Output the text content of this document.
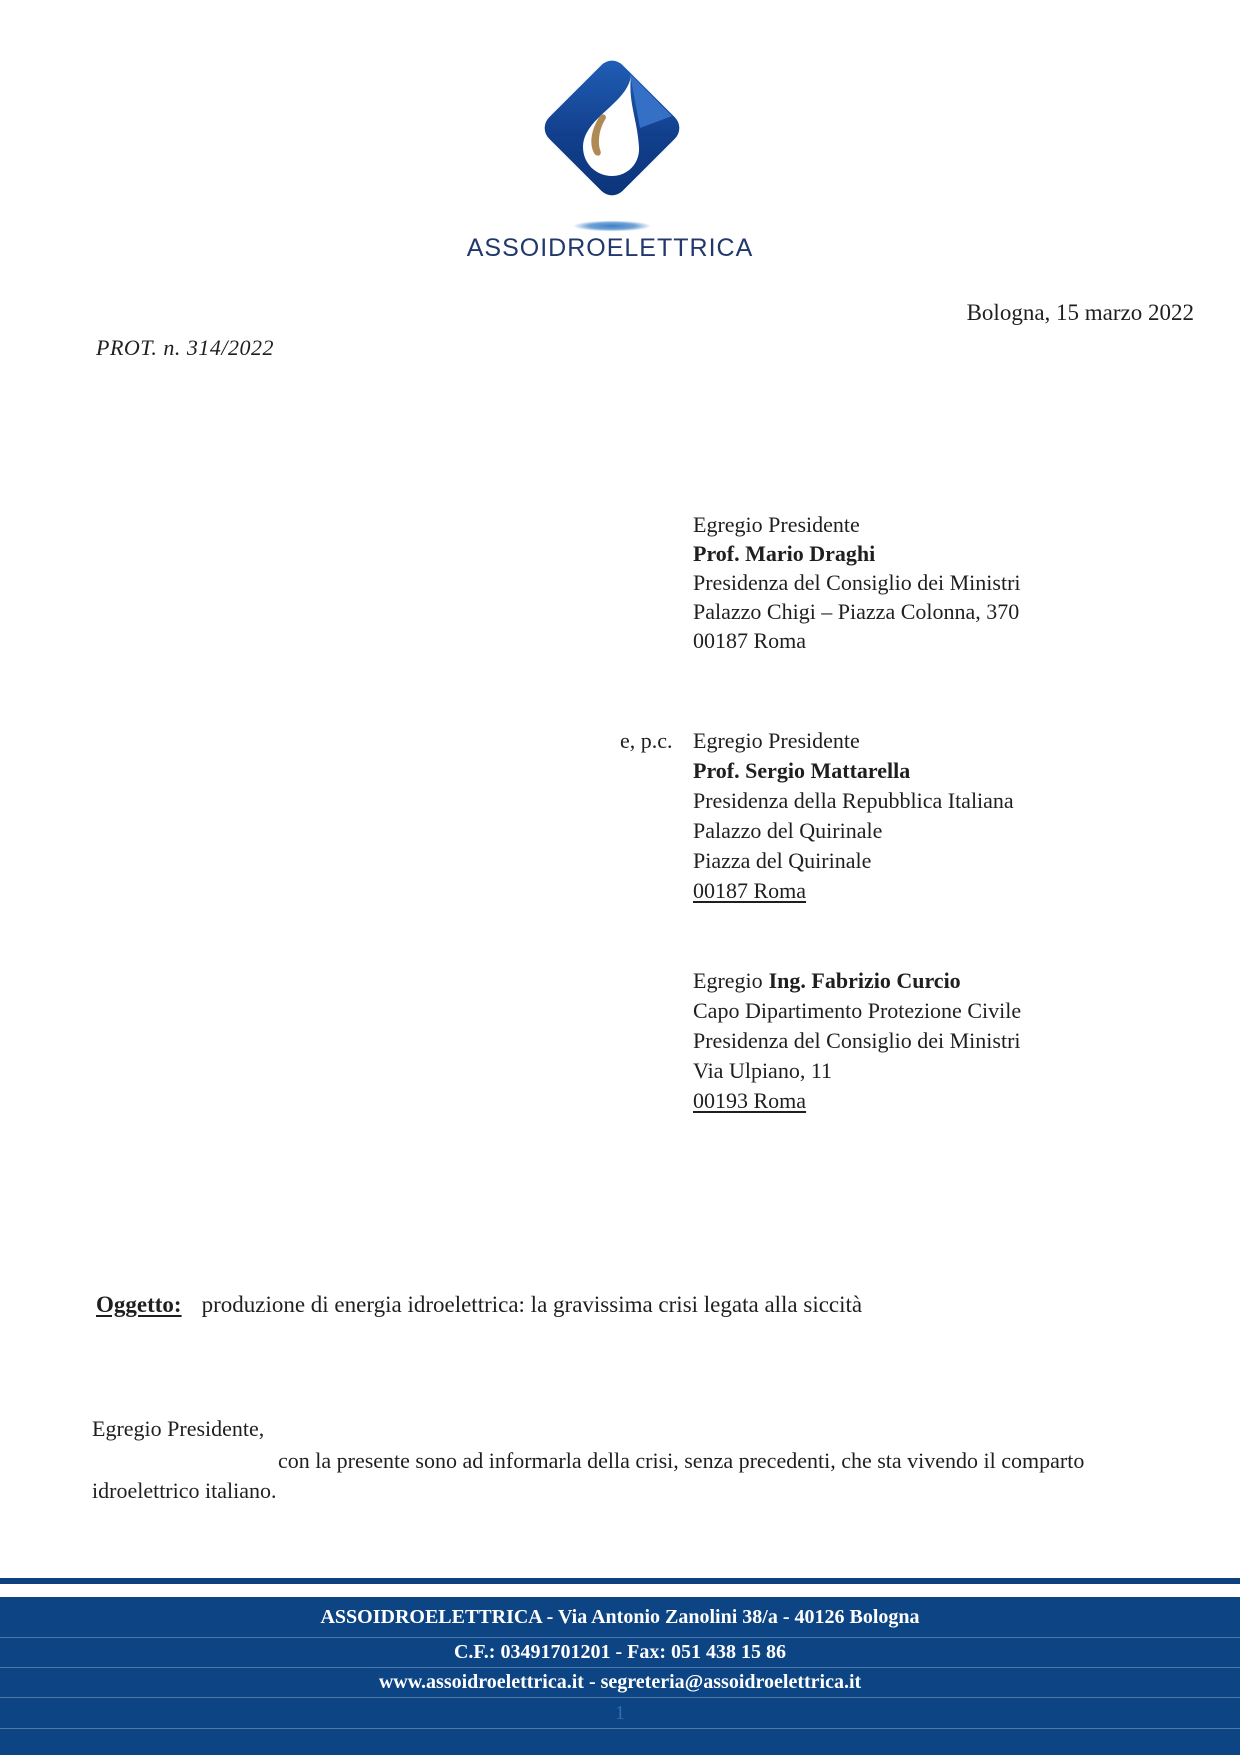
ASSOIDROELETTRICA
Bologna, 15 marzo 2022
PROT. n. 314/2022
Egregio Presidente
Prof. Mario Draghi
Presidenza del Consiglio dei Ministri
Palazzo Chigi – Piazza Colonna, 370
00187 Roma
e, p.c. Egregio Presidente
Prof. Sergio Mattarella
Presidenza della Repubblica Italiana
Palazzo del Quirinale
Piazza del Quirinale
00187 Roma
Egregio Ing. Fabrizio Curcio
Capo Dipartimento Protezione Civile
Presidenza del Consiglio dei Ministri
Via Ulpiano, 11
00193 Roma
Oggetto: produzione di energia idroelettrica: la gravissima crisi legata alla siccità
Egregio Presidente,

con la presente sono ad informarla della crisi, senza precedenti, che sta vivendo il comparto idroelettrico italiano.

ASSOIDROELETTRICA - Via Antonio Zanolini 38/a - 40126 Bologna
C.F.: 03491701201 - Fax: 051 438 15 86
www.assoidroelettrica.it - segreteria@assoidroelettrica.it
1
